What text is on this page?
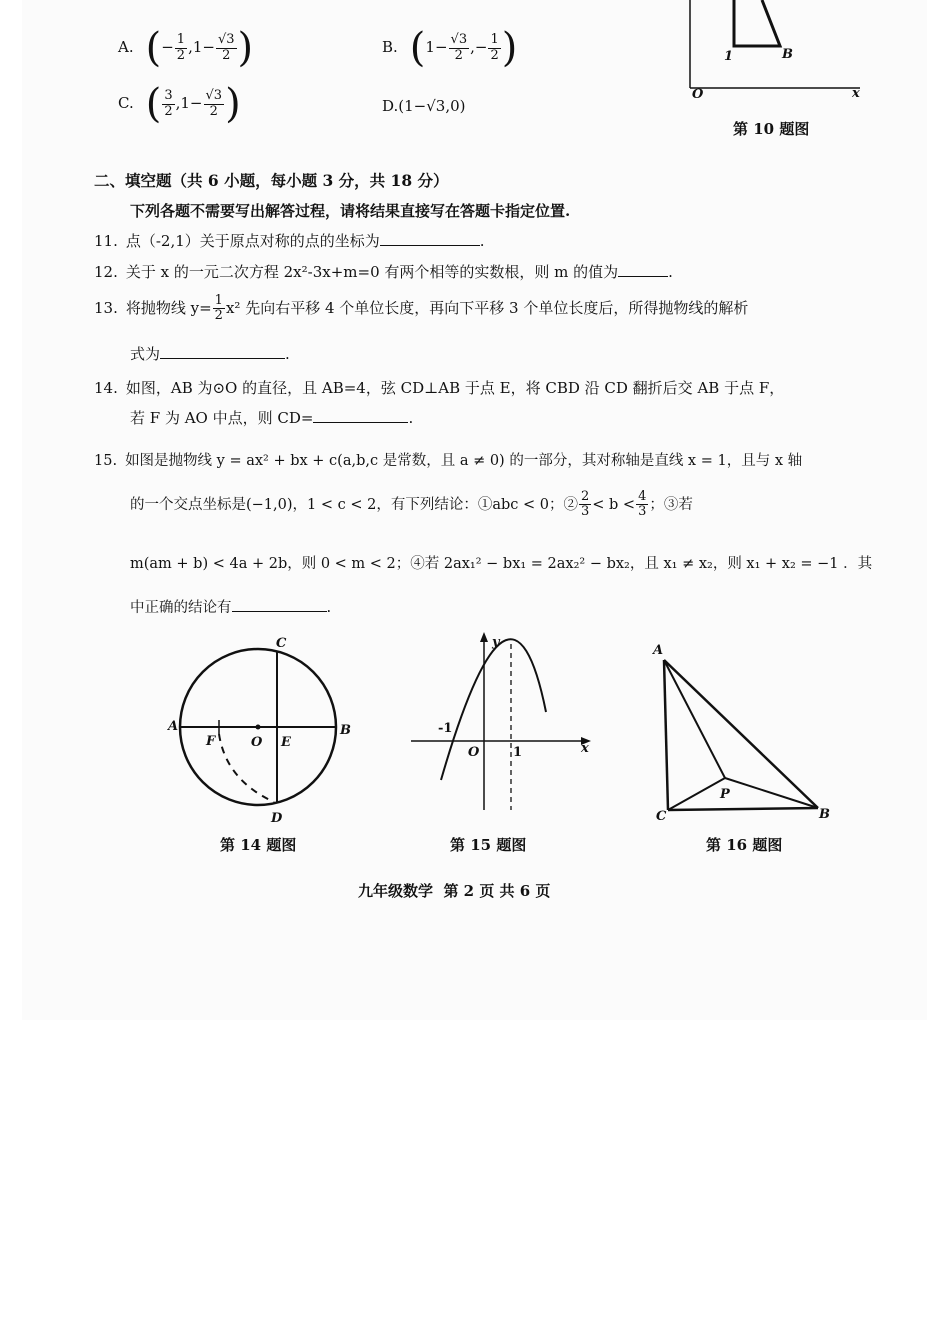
A. (− $\frac{1}{2} ,1- \frac{√3}{2}$ )	B. ($1- \frac{√3}{2}$ ,− $\frac{1}{2}$ )
C. ( $\frac{3}{2} ,1- \frac{√3}{2}$ )	D.(1−√3,0)
O	x
B
1
第 10 题图
二、填空题（共 6 小题，每小题 3 分，共 18 分）
下列各题不需要写出解答过程，请将结果直接写在答题卡指定位置.
11. 点（-2,1）关于原点对称的点的坐标为	.
12. 关于 x 的一元二次方程 2x²-3x+m=0 有两个相等的实数根，则 m 的值为	.
13. 将抛物线 $y= \frac{1}{2} x^2$ 先向右平移 4 个单位长度，再向下平移 3 个单位长度后，所得抛物线的解析
式为	.
14. 如图，AB 为⊙O 的直径，且 AB=4，弦 CD⊥AB 于点 E，将 CBD 沿 CD 翻折后交 AB 于点 F，
若 F 为 AO 中点，则 CD=	.
15. 如图是抛物线 y = ax² + bx + c(a,b,c 是常数，且 a ≠ 0) 的一部分，其对称轴是直线 x = 1，且与 x 轴
的一个交点坐标是(−1,0)，1 < c < 2，有下列结论：①abc < 0；② $\frac{2}{3} < b < \frac{4}{3}$ ；③若
m(am + b) < 4a + 2b，则 0 < m < 2；④若 2ax₁² − bx₁ = 2ax₂² − bx₂，且 x₁ ≠ x₂，则 x₁ + x₂ = −1 ．其
中正确的结论有	.
C
A	B
F	O E
D
第 14 题图
y
x
O
-1
1
第 15 题图
A
C	B
P
第 16 题图
九年级数学  第 2 页 共 6 页
